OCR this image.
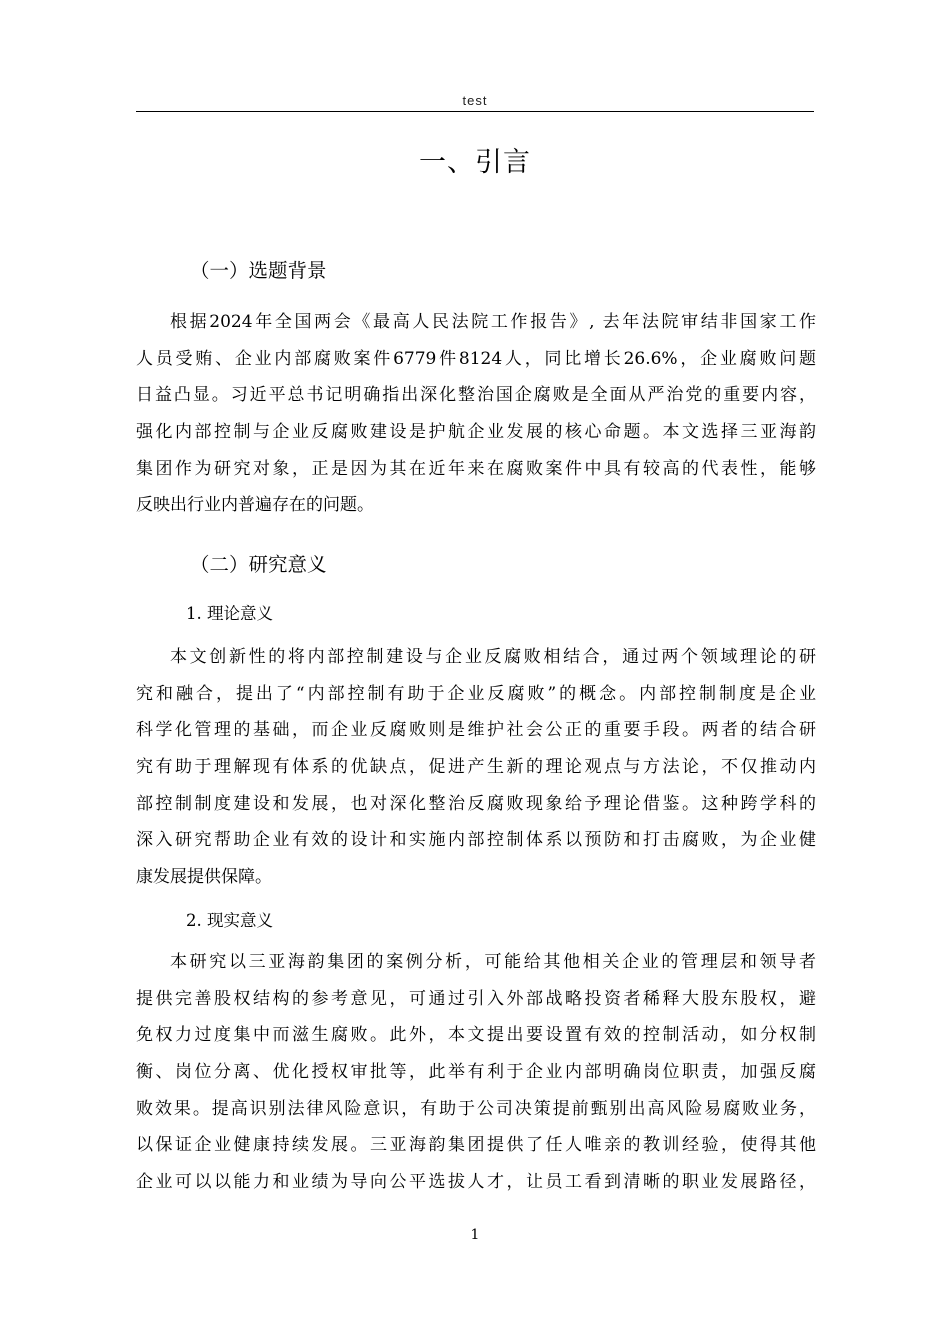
test
一、引言
（一）选题背景
根据2024年全国两会《最高人民法院工作报告》, 去年法院审结非国家工作
人员受贿、企业内部腐败案件6779件8124人，同比增长26.6%，企业腐败问题
日益凸显。习近平总书记明确指出深化整治国企腐败是全面从严治党的重要内容，
强化内部控制与企业反腐败建设是护航企业发展的核心命题。本文选择三亚海韵
集团作为研究对象，正是因为其在近年来在腐败案件中具有较高的代表性，能够
反映出行业内普遍存在的问题。
（二）研究意义
1. 理论意义
本文创新性的将内部控制建设与企业反腐败相结合，通过两个领域理论的研
究和融合，提出了“内部控制有助于企业反腐败”的概念。内部控制制度是企业
科学化管理的基础，而企业反腐败则是维护社会公正的重要手段。两者的结合研
究有助于理解现有体系的优缺点，促进产生新的理论观点与方法论，不仅推动内
部控制制度建设和发展，也对深化整治反腐败现象给予理论借鉴。这种跨学科的
深入研究帮助企业有效的设计和实施内部控制体系以预防和打击腐败，为企业健
康发展提供保障。
2. 现实意义
本研究以三亚海韵集团的案例分析，可能给其他相关企业的管理层和领导者
提供完善股权结构的参考意见，可通过引入外部战略投资者稀释大股东股权，避
免权力过度集中而滋生腐败。此外，本文提出要设置有效的控制活动，如分权制
衡、岗位分离、优化授权审批等，此举有利于企业内部明确岗位职责，加强反腐
败效果。提高识别法律风险意识，有助于公司决策提前甄别出高风险易腐败业务，
以保证企业健康持续发展。三亚海韵集团提供了任人唯亲的教训经验，使得其他
企业可以以能力和业绩为导向公平选拔人才，让员工看到清晰的职业发展路径，
1
